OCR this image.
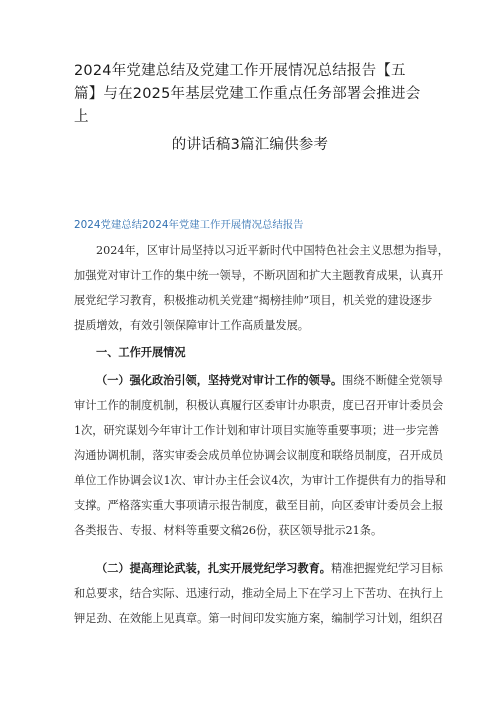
2024年党建总结及党建工作开展情况总结报告【五
篇】与在2025年基层党建工作重点任务部署会推进会
上
的讲话稿3篇汇编供参考
2024党建总结2024年党建工作开展情况总结报告
2024年，区审计局坚持以习近平新时代中国特色社会主义思想为指导，
加强党对审计工作的集中统一领导，不断巩固和扩大主题教育成果，认真开
展党纪学习教育，积极推动机关党建“揭榜挂帅”项目，机关党的建设逐步
提质增效，有效引领保障审计工作高质量发展。
一、工作开展情况
（一）强化政治引领，坚持党对审计工作的领导。围绕不断健全党领导
审计工作的制度机制，积极认真履行区委审计办职责，度已召开审计委员会
1次，研究谋划今年审计工作计划和审计项目实施等重要事项；进一步完善
沟通协调机制，落实审委会成员单位协调会议制度和联络员制度，召开成员
单位工作协调会议1次、审计办主任会议4次，为审计工作提供有力的指导和
支撑。严格落实重大事项请示报告制度，截至目前，向区委审计委员会上报
各类报告、专报、材料等重要文稿26份，获区领导批示21条。
（二）提高理论武装，扎实开展党纪学习教育。精准把握党纪学习目标
和总要求，结合实际、迅速行动，推动全局上下在学习上下苦功、在执行上
钾足劲、在效能上见真章。第一时间印发实施方案，编制学习计划，组织召
